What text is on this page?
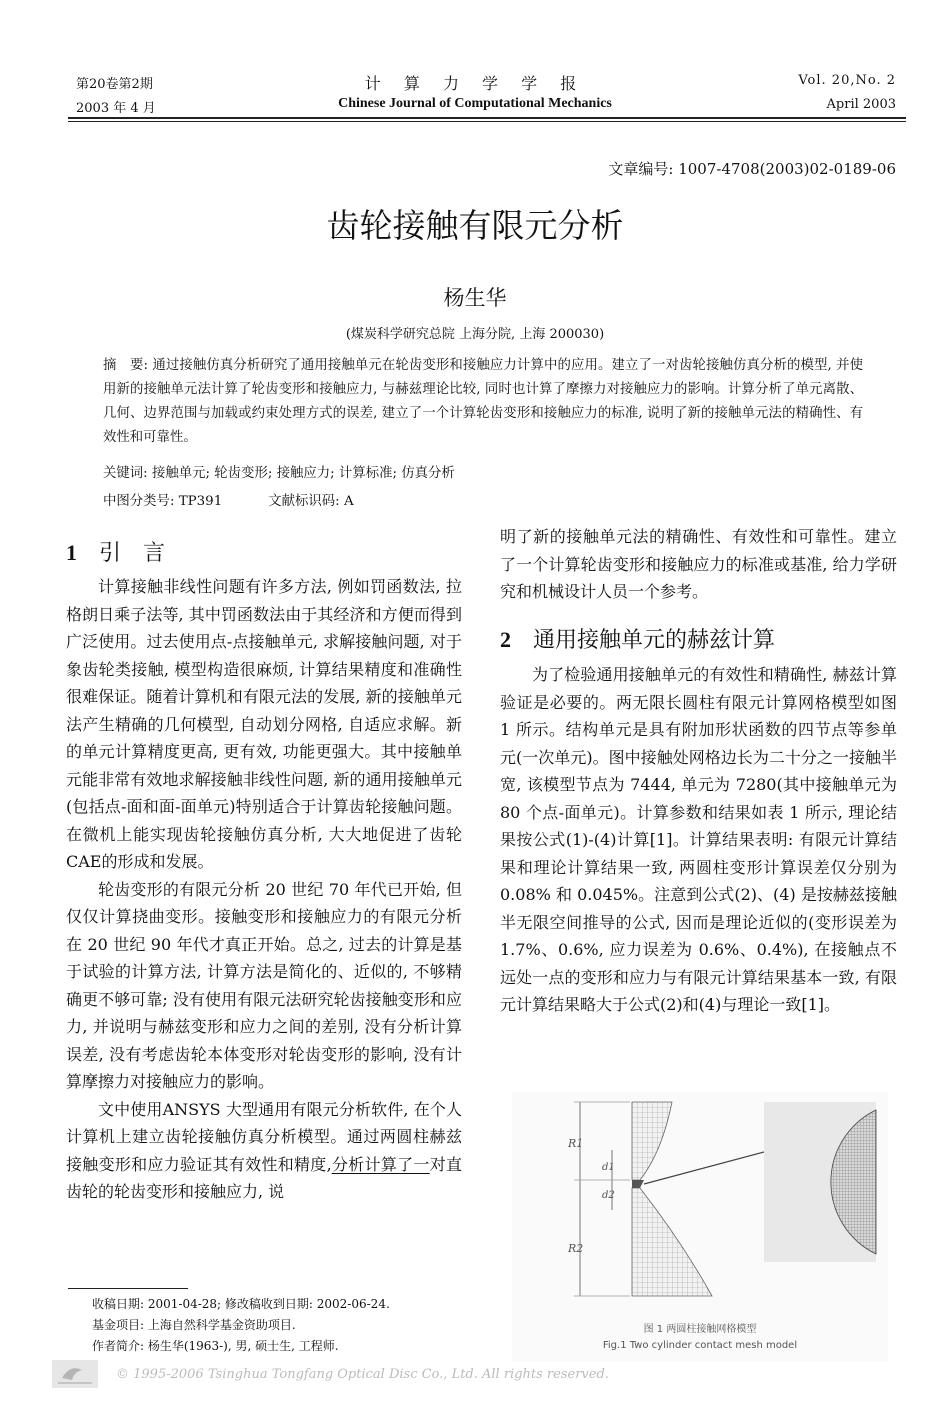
第20卷第2期
2003 年 4 月
计 算 力 学 学 报
Chinese Journal of Computational Mechanics
Vol. 20,No. 2
April 2003
文章编号: 1007-4708(2003)02-0189-06
齿轮接触有限元分析
杨生华
(煤炭科学研究总院 上海分院, 上海 200030)
摘　要: 通过接触仿真分析研究了通用接触单元在轮齿变形和接触应力计算中的应用。建立了一对齿轮接触仿真分析的模型, 并使用新的接触单元法计算了轮齿变形和接触应力, 与赫兹理论比较, 同时也计算了摩擦力对接触应力的影响。计算分析了单元离散、几何、边界范围与加载或约束处理方式的误差, 建立了一个计算轮齿变形和接触应力的标准, 说明了新的接触单元法的精确性、有效性和可靠性。
关键词: 接触单元; 轮齿变形; 接触应力; 计算标准; 仿真分析
中图分类号: TP391	文献标识码: A
1 引　言

计算接触非线性问题有许多方法, 例如罚函数法, 拉格朗日乘子法等, 其中罚函数法由于其经济和方便而得到广泛使用。过去使用点-点接触单元, 求解接触问题, 对于象齿轮类接触, 模型构造很麻烦, 计算结果精度和准确性很难保证。随着计算机和有限元法的发展, 新的接触单元法产生精确的几何模型, 自动划分网格, 自适应求解。新的单元计算精度更高, 更有效, 功能更强大。其中接触单元能非常有效地求解接触非线性问题, 新的通用接触单元(包括点-面和面-面单元)特别适合于计算齿轮接触问题。在微机上能实现齿轮接触仿真分析, 大大地促进了齿轮CAE的形成和发展。

轮齿变形的有限元分析 20 世纪 70 年代已开始, 但仅仅计算挠曲变形。接触变形和接触应力的有限元分析在 20 世纪 90 年代才真正开始。总之, 过去的计算是基于试验的计算方法, 计算方法是简化的、近似的, 不够精确更不够可靠; 没有使用有限元法研究轮齿接触变形和应力, 并说明与赫兹变形和应力之间的差别, 没有分析计算误差, 没有考虑齿轮本体变形对轮齿变形的影响, 没有计算摩擦力对接触应力的影响。

文中使用ANSYS 大型通用有限元分析软件, 在个人计算机上建立齿轮接触仿真分析模型。通过两圆柱赫兹接触变形和应力验证其有效性和精度,分析计算了一对直齿轮的轮齿变形和接触应力, 说

收稿日期: 2001-04-28; 修改稿收到日期: 2002-06-24.
基金项目: 上海自然科学基金资助项目.
作者简介: 杨生华(1963-), 男, 硕士生, 工程师.
明了新的接触单元法的精确性、有效性和可靠性。建立了一个计算轮齿变形和接触应力的标准或基准, 给力学研究和机械设计人员一个参考。
2 通用接触单元的赫兹计算

为了检验通用接触单元的有效性和精确性, 赫兹计算验证是必要的。两无限长圆柱有限元计算网格模型如图 1 所示。结构单元是具有附加形状函数的四节点等参单元(一次单元)。图中接触处网格边长为二十分之一接触半宽, 该模型节点为 7444, 单元为 7280(其中接触单元为 80 个点-面单元)。计算参数和结果如表 1 所示, 理论结果按公式(1)-(4)计算[1]。计算结果表明: 有限元计算结果和理论计算结果一致, 两圆柱变形计算误差仅分别为 0.08% 和 0.045%。注意到公式(2)、(4) 是按赫兹接触半无限空间推导的公式, 因而是理论近似的(变形误差为 1.7%、0.6%, 应力误差为 0.6%、0.4%), 在接触点不远处一点的变形和应力与有限元计算结果基本一致, 有限元计算结果略大于公式(2)和(4)与理论一致[1]。

R1
d1
d2
R2
图 1 两圆柱接触网格模型
Fig.1 Two cylinder contact mesh model
© 1995-2006 Tsinghua Tongfang Optical Disc Co., Ltd. All rights reserved.
